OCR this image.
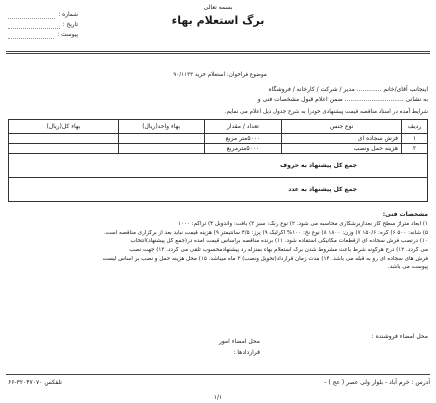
بسمه تعالی
برگ استعلام بهاء
شماره :
تاریخ :
پیوست :
موضوع فراخوان: استعلام خرید ۹۰/۱۱۳۳
اینجانب آقای/خانم ............. مدیر / شرکت / کارخانه / فروشگاه
به نشانی ............................... ضمن اعلام قبول مشخصات فنی و
شرایط آمده در اسناد مناقصه قیمت پیشنهادی خودرا به شرح جدول ذیل اعلام می نمایم.
ردیف	نوع جنس	تعداد / مقدار	بهاء واحد(ریال)	بهاء کل(ریال)
۱	فرش سجاده ای	۵۰۰۰متر مربع		
۲	هزینه حمل ونصب	۵۰۰۰مترمربع		
جمع کل پیشنهاد به حروف				
جمع کل پیشنهاد به عدد				
مشخصات فنی:
۱) ابعاد متراژ سطح کار بعدازبرشکاری محاسبه می شود. ۲) نوع رنگ: سبز ۳) بافت: واندویل ۴) تراکم: ۱۰۰۰
۵) شانه: ۵۰۰ ۶) گره: ۱۵۰/۶ ۷) وزن: ۱۸۰۰ ۸) نوع نخ: ۱۰۰% اکرلیک ۹) پرز: ۴/۵ سانتیمتر ۹) هزینه قیمت نباید بعد از برگزاری مناقصه است.
۱۰) درنصب فرش سجاده ای ازقطعات مکانیکی استفاده شود. ۱۱) برنده مناقصه براساس قیمت آمده در(جمع کل پیشنهاد)انتخاب
می گردد. ۱۲) درج هرگونه شرط باعث مشروط شدن برگ استعلام بهاء بمنزله رد پیشنهادمحسوب تلقی می گردد. ۱۳) جهت نصب
فرش های سجاده ای رو به قبله می باشد. ۱۴) مدت زمان قرارداد(تحویل ونصب) ۳ ماه میباشد. ۱۵) محل هزینه حمل و نصب بر اساس لیست
پیوست می باشد.
محل امضاء فروشنده :
محل امضاء امور
قراردادها :
آدرس : خرم آباد - بلوار ولی عصر ( عج ) -
تلفکس ۳۲۰۴۷۰۷۰-۶۶
۱/۱
